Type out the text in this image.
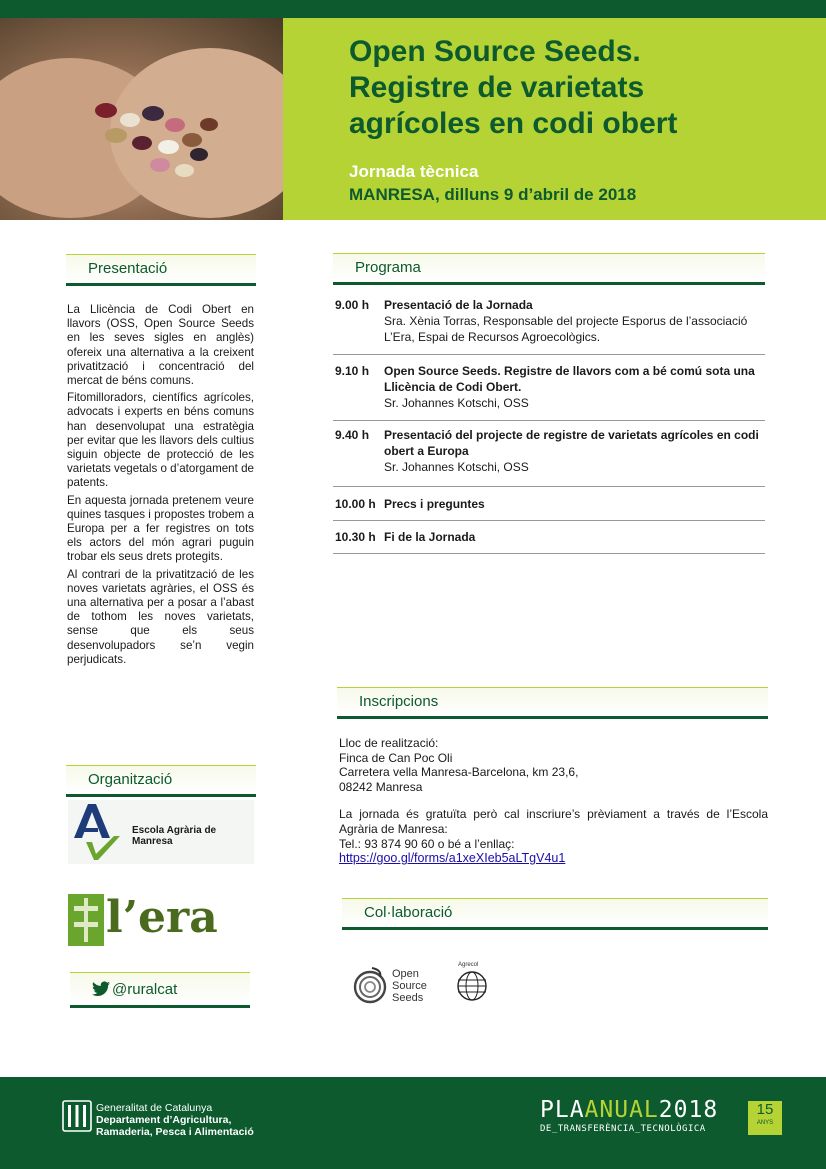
Open Source Seeds.
Registre de varietats
agrícoles en codi obert
Jornada tècnica
MANRESA, dilluns 9 d’abril de 2018
Presentació

La Llicència de Codi Obert en llavors (OSS, Open Source Seeds en les seves sigles en anglès) ofereix una alternativa a la creixent privatització i concentració del mercat de béns comuns.

Fitomilloradors, científics agrícoles, advocats i experts en béns comuns han desenvolupat una estratègia per evitar que les llavors dels cultius siguin objecte de protecció de les varietats vegetals o d’atorgament de patents.

En aquesta jornada pretenem veure quines tasques i propostes trobem a Europa per a fer registres on tots els actors del món agrari puguin trobar els seus drets protegits.

Al contrari de la privatització de les noves varietats agràries, el OSS és una alternativa per a posar a l’abast de tothom les noves varietats, sense que els seus desenvolupadors se’n vegin perjudicats.

Programa
9.00 h Presentació de la Jornada
Sra. Xènia Torras, Responsable del projecte Esporus de l’associació L’Era, Espai de Recursos Agroecològics.
9.10 h Open Source Seeds. Registre de llavors com a bé comú sota una Llicència de Codi Obert.
Sr. Johannes Kotschi, OSS
9.40 h Presentació del projecte de registre de varietats agrícoles en codi obert a Europa
Sr. Johannes Kotschi, OSS
10.00 h Precs i preguntes
10.30 h Fi de la Jornada
Inscripcions
Lloc de realització:
Finca de Can Poc Oli
Carretera vella Manresa-Barcelona, km 23,6,
08242 Manresa
La jornada és gratuïta però cal inscriure’s prèviament a través de l’Escola Agrària de Manresa:
Tel.: 93 874 90 60 o bé a l’enllaç:
https://goo.gl/forms/a1xeXIeb5aLTgV4u1
Organització
Escola Agrària de Manresa
l’era
@ruralcat
Col·laboració
Open
Source
Seeds
Agrecol
Generalitat de Catalunya
Departament d’Agricultura,
Ramaderia, Pesca i Alimentació
PLAANUAL2018
DE_TRANSFERÈNCIA_TECNOLÒGICA
15
ANYS
